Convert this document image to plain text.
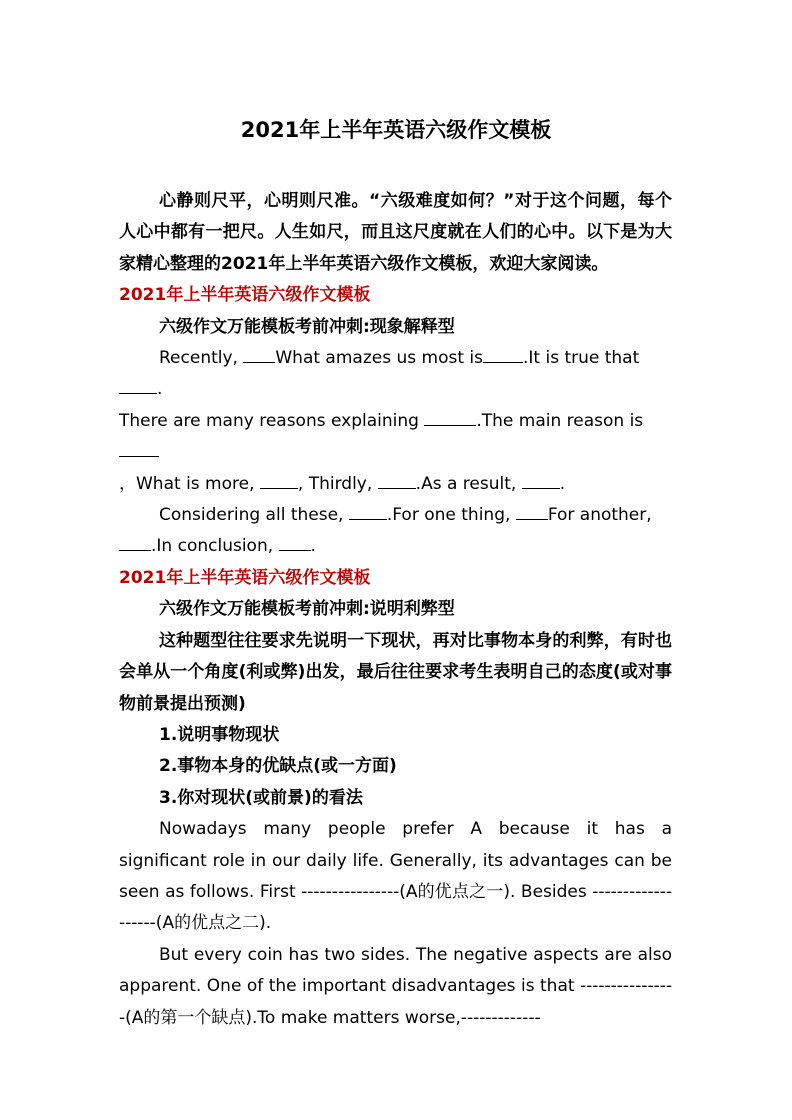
2021年上半年英语六级作文模板

心静则尺平，心明则尺准。“六级难度如何？”对于这个问题，每个人心中都有一把尺。人生如尺，而且这尺度就在人们的心中。以下是为大家精心整理的2021年上半年英语六级作文模板，欢迎大家阅读。

2021年上半年英语六级作文模板

六级作文万能模板考前冲刺:现象解释型

Recently, What amazes us most is .It is true that .

There are many reasons explaining	.The main reason is

，What is more, , Thirdly, .As a result, .

Considering all these, .For one thing, For another,

.In conclusion, .

2021年上半年英语六级作文模板

六级作文万能模板考前冲刺:说明利弊型

这种题型往往要求先说明一下现状，再对比事物本身的利弊，有时也会单从一个角度(利或弊)出发，最后往往要求考生表明自己的态度(或对事物前景提出预测)

1.说明事物现状

2.事物本身的优缺点(或一方面)

3.你对现状(或前景)的看法

Nowadays many people prefer A because it has a significant role in our daily life. Generally, its advantages can be seen as follows. First ----------------(A的优点之一). Besides -------------------(A的优点之二).

But every coin has two sides. The negative aspects are also apparent. One of the important disadvantages is that ----------------(A的第一个缺点).To make matters worse,-------------
